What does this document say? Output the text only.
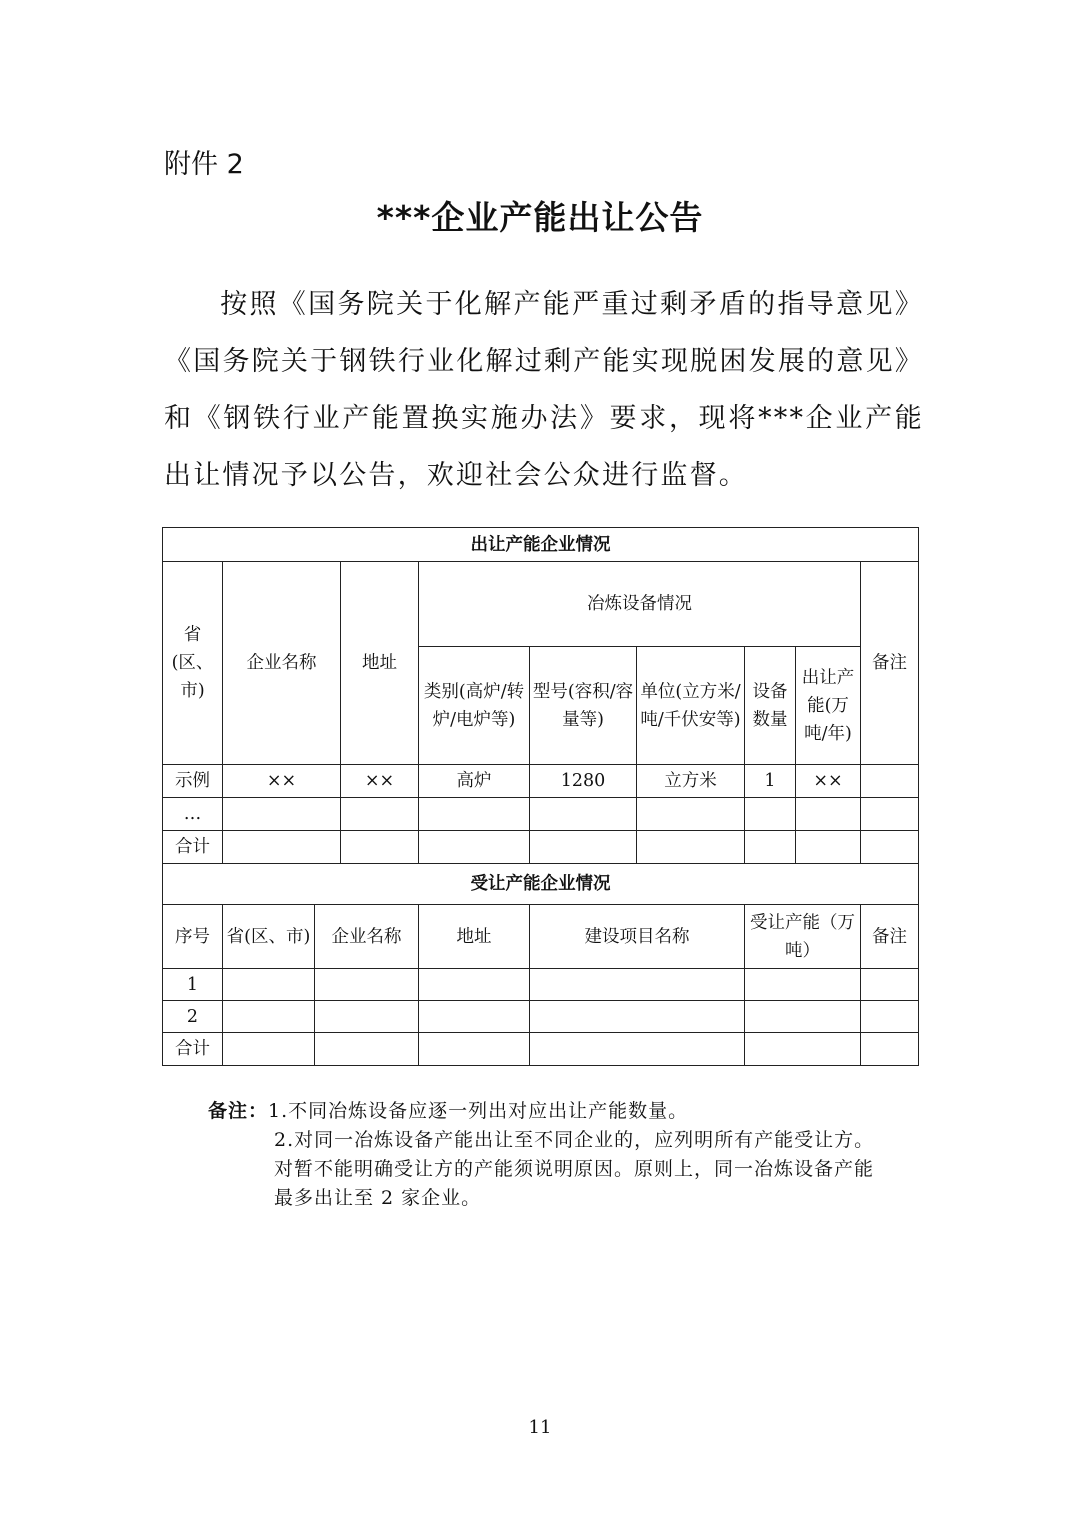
附件 2
***企业产能出让公告

按照《国务院关于化解产能严重过剩矛盾的指导意见》《国务院关于钢铁行业化解过剩产能实现脱困发展的意见》和《钢铁行业产能置换实施办法》要求，现将***企业产能出让情况予以公告，欢迎社会公众进行监督。

出让产能企业情况									
省(区、市)	企业名称		地址	冶炼设备情况					备注
				类别(高炉/转炉/电炉等)	型号(容积/容量等)	单位(立方米/吨/千伏安等)	设备数量	出让产能(万吨/年)	
示例	××		××	高炉	1280	立方米	1	××	
…									
合计									
受让产能企业情况									
序号	省(区、市)	企业名称		地址	建设项目名称		受让产能（万吨）		备注
1									
2									
合计									
备注：1.不同冶炼设备应逐一列出对应出让产能数量。
2.对同一冶炼设备产能出让至不同企业的，应列明所有产能受让方。
对暂不能明确受让方的产能须说明原因。原则上，同一冶炼设备产能
最多出让至 2 家企业。
11
